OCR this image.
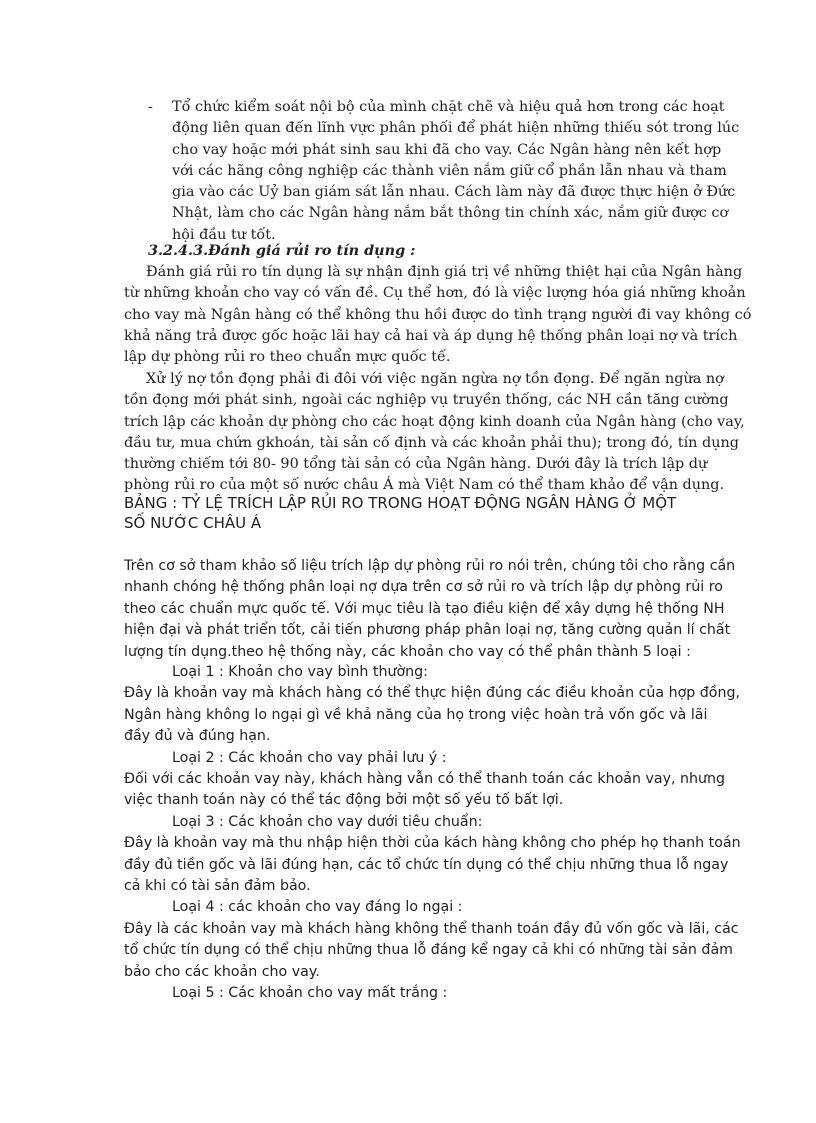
- Tổ chức kiểm soát nội bộ của mình chặt chẽ và hiệu quả hơn trong các hoạt
động liên quan đến lĩnh vực phân phối để phát hiện những thiếu sót trong lúc
cho vay hoặc mới phát sinh sau khi đã cho vay. Các Ngân hàng nên kết hợp
với các hãng công nghiệp các thành viên nắm giữ cổ phần lẫn nhau và tham
gia vào các Uỷ ban giám sát lẫn nhau. Cách làm này đã được thực hiện ở Đức
Nhật, làm cho các Ngân hàng nắm bắt thông tin chính xác, nắm giữ được cơ
hội đầu tư tốt.
3.2.4.3.Đánh giá rủi ro tín dụng :
Đánh giá rủi ro tín dụng là sự nhận định giá trị về những thiệt hại của Ngân hàng
từ những khoản cho vay có vấn đề. Cụ thể hơn, đó là việc lượng hóa giá những khoản
cho vay mà Ngân hàng có thể không thu hồi được do tình trạng người đi vay không có
khả năng trả được gốc hoặc lãi hay cả hai và áp dụng hệ thống phân loại nợ và trích
lập dự phòng rủi ro theo chuẩn mực quốc tế.
Xử lý nợ tồn đọng phải đi đôi với việc ngăn ngừa nợ tồn đọng. Để ngăn ngừa nợ
tồn đọng mới phát sinh, ngoài các nghiệp vụ truyền thống, các NH cần tăng cường
trích lập các khoản dự phòng cho các hoạt động kinh doanh của Ngân hàng (cho vay,
đầu tư, mua chứn gkhoán, tài sản cố định và các khoản phải thu); trong đó, tín dụng
thường chiếm tới 80- 90 tổng tài sản có của Ngân hàng. Dưới đây là trích lập dự
phòng rủi ro của một số nước châu Á mà Việt Nam có thể tham khảo để vận dụng.
BẢNG : TỶ LỆ TRÍCH LẬP RỦI RO TRONG HOẠT ĐỘNG NGÂN HÀNG Ở MỘT
SỐ NƯỚC CHÂU Á
Trên cơ sở tham khảo số liệu trích lập dự phòng rủi ro nói trên, chúng tôi cho rằng cần
nhanh chóng hệ thống phân loại nợ dựa trên cơ sở rủi ro và trích lập dự phòng rủi ro
theo các chuẩn mực quốc tế. Với mục tiêu là tạo điều kiện để xây dựng hệ thống NH
hiện đại và phát triển tốt, cải tiến phương pháp phân loại nợ, tăng cường quản lí chất
lượng tín dụng.theo hệ thống này, các khoản cho vay có thể phân thành 5 loại :
Loại 1 : Khoản cho vay bình thường:
Đây là khoản vay mà khách hàng có thể thực hiện đúng các điều khoản của hợp đồng,
Ngân hàng không lo ngại gì về khả năng của họ trong việc hoàn trả vốn gốc và lãi
đầy đủ và đúng hạn.
Loại 2 : Các khoản cho vay phải lưu ý :
Đối với các khoản vay này, khách hàng vẫn có thể thanh toán các khoản vay, nhưng
việc thanh toán này có thể tác động bởi một số yếu tố bất lợi.
Loại 3 : Các khoản cho vay dưới tiêu chuẩn:
Đây là khoản vay mà thu nhập hiện thời của kách hàng không cho phép họ thanh toán
đầy đủ tiền gốc và lãi đúng hạn, các tổ chức tín dụng có thể chịu những thua lỗ ngay
cả khi có tài sản đảm bảo.
Loại 4 : các khoản cho vay đáng lo ngại :
Đây là các khoản vay mà khách hàng không thể thanh toán đầy đủ vốn gốc và lãi, các
tổ chức tín dụng có thể chịu những thua lỗ đáng kể ngay cả khi có những tài sản đảm
bảo cho các khoản cho vay.
Loại 5 : Các khoản cho vay mất trắng :
